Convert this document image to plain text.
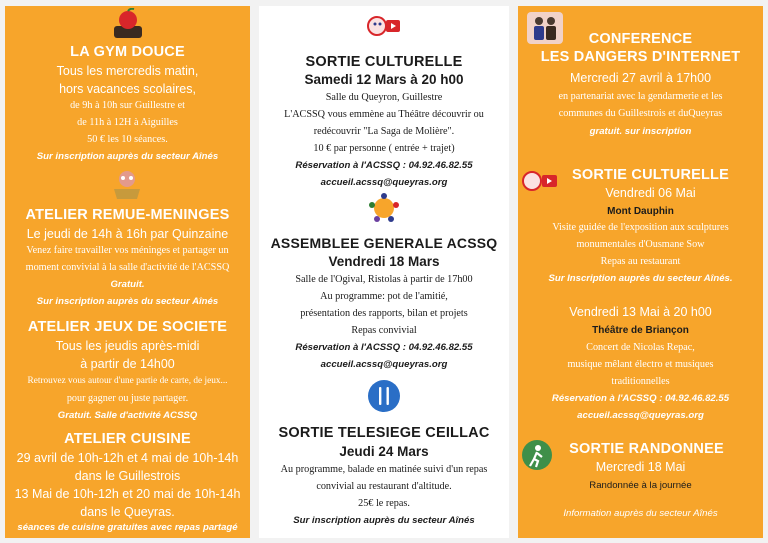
LA GYM DOUCE
Tous les mercredis matin,
hors vacances scolaires,
de 9h à 10h sur Guillestre et
de 11h à 12H à Aiguilles
50 € les 10 séances.
Sur inscription auprès du secteur Aînés
ATELIER REMUE-MENINGES
Le jeudi de 14h à 16h par Quinzaine
Venez faire travailler vos méninges et partager un
moment convivial à la salle d'activité de l'ACSSQ
Gratuit.
Sur inscription auprès du secteur Aînés
ATELIER JEUX DE SOCIETE
Tous les jeudis après-midi
à partir de 14h00
Retrouvez vous autour d'une partie de carte, de jeux...
pour gagner ou juste partager.
Gratuit. Salle d'activité ACSSQ
ATELIER CUISINE
29 avril de 10h-12h et 4 mai de 10h-14h
dans le Guillestrois
13 Mai de 10h-12h et 20 mai de 10h-14h
dans le Queyras.
séances de cuisine gratuites avec repas partagé
SORTIE CULTURELLE
Samedi 12 Mars à 20 h00
Salle du Queyron, Guillestre
L'ACSSQ vous emmène au Théâtre découvrir ou
redécouvrir "La Saga de Molière".
10 € par personne ( entrée + trajet)
Réservation à l'ACSSQ : 04.92.46.82.55
accueil.acssq@queyras.org
ASSEMBLEE GENERALE ACSSQ
Vendredi 18 Mars
Salle de l'Ogival, Ristolas à partir de 17h00
Au programme: pot de l'amitié,
présentation des rapports, bilan et projets
Repas convivial
Réservation à l'ACSSQ : 04.92.46.82.55
accueil.acssq@queyras.org
SORTIE TELESIEGE CEILLAC
Jeudi 24 Mars
Au programme, balade en matinée suivi d'un repas
convivial au restaurant d'altitude.
25€ le repas.
Sur inscription auprès du secteur Aînés
CONFERENCE
LES DANGERS D'INTERNET
Mercredi 27 avril à 17h00
en partenariat avec la gendarmerie et les
communes du Guillestrois et duQueyras
gratuit. sur inscription
SORTIE CULTURELLE
Vendredi 06 Mai
Mont Dauphin
Visite guidée de l'exposition aux sculptures
monumentales d'Ousmane Sow
Repas au restaurant
Sur Inscription auprès du secteur Aînés.
Vendredi 13 Mai à 20 h00
Théâtre de Briançon
Concert de Nicolas Repac,
musique mêlant électro et musiques
traditionnelles
Réservation à l'ACSSQ : 04.92.46.82.55
accueil.acssq@queyras.org
SORTIE RANDONNEE
Mercredi 18 Mai
Randonnée à la journée
Information auprès du secteur Aînés
